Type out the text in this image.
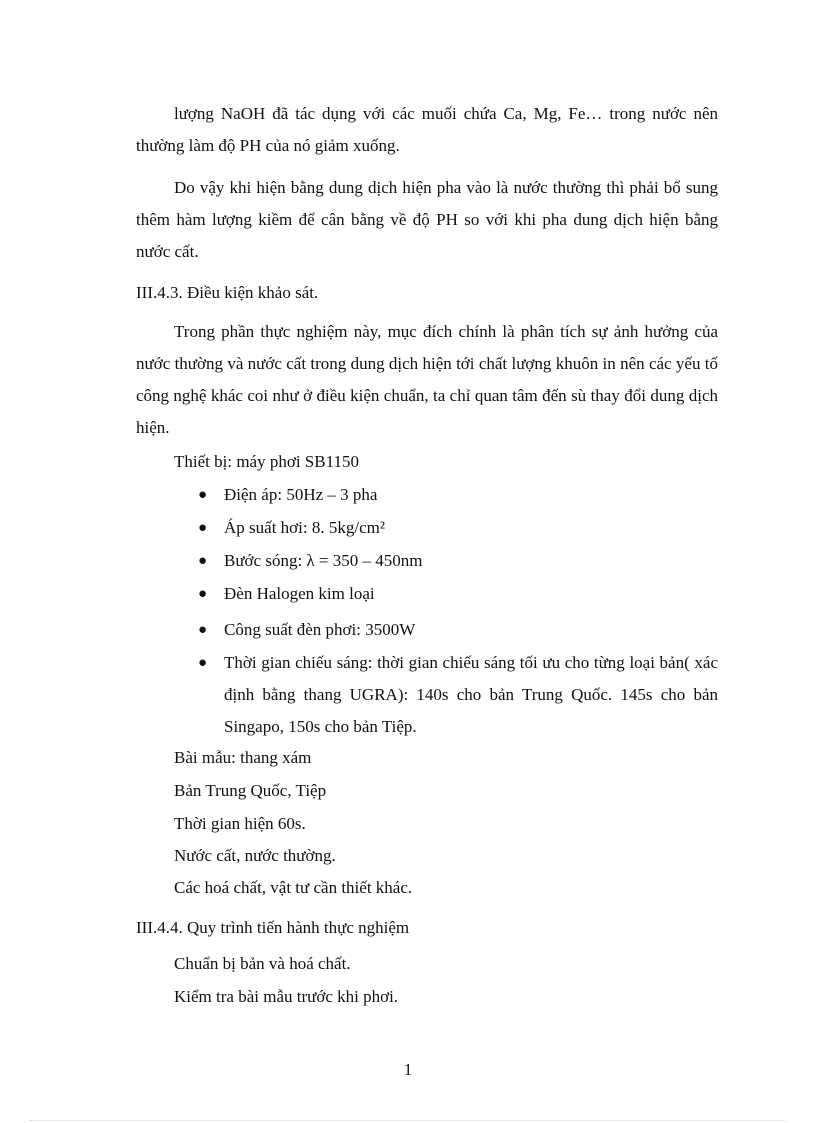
lượng NaOH đã tác dụng với các muối chứa Ca, Mg, Fe… trong nước nên thường làm độ PH của nó giảm xuống.

Do vậy khi hiện bằng dung dịch hiện pha vào là nước thường thì phải bổ sung thêm hàm lượng kiềm để cân bằng về độ PH so với khi pha dung dịch hiện bằng nước cất.

III.4.3. Điều kiện khảo sát.

Trong phần thực nghiệm này, mục đích chính là phân tích sự ảnh hưởng của nước thường và nước cất trong dung dịch hiện tới chất lượng khuôn in nên các yếu tố công nghệ khác coi như ở điều kiện chuẩn, ta chỉ quan tâm đến sù thay đổi dung dịch hiện.

Thiết bị: máy phơi SB1150
● Điện áp: 50Hz – 3 pha
● Áp suất hơi: 8. 5kg/cm²
● Bước sóng: λ = 350 – 450nm
● Đèn Halogen kim loại
● Công suất đèn phơi: 3500W
● Thời gian chiếu sáng: thời gian chiếu sáng tối ưu cho từng loại bản( xác định bằng thang UGRA): 140s cho bản Trung Quốc. 145s cho bản Singapo, 150s cho bản Tiệp.
Bài mẫu: thang xám
Bản Trung Quốc, Tiệp
Thời gian hiện 60s.
Nước cất, nước thường.
Các hoá chất, vật tư cần thiết khác.
III.4.4. Quy trình tiến hành thực nghiệm
Chuẩn bị bản và hoá chất.
Kiểm tra bài mẫu trước khi phơi.
1
